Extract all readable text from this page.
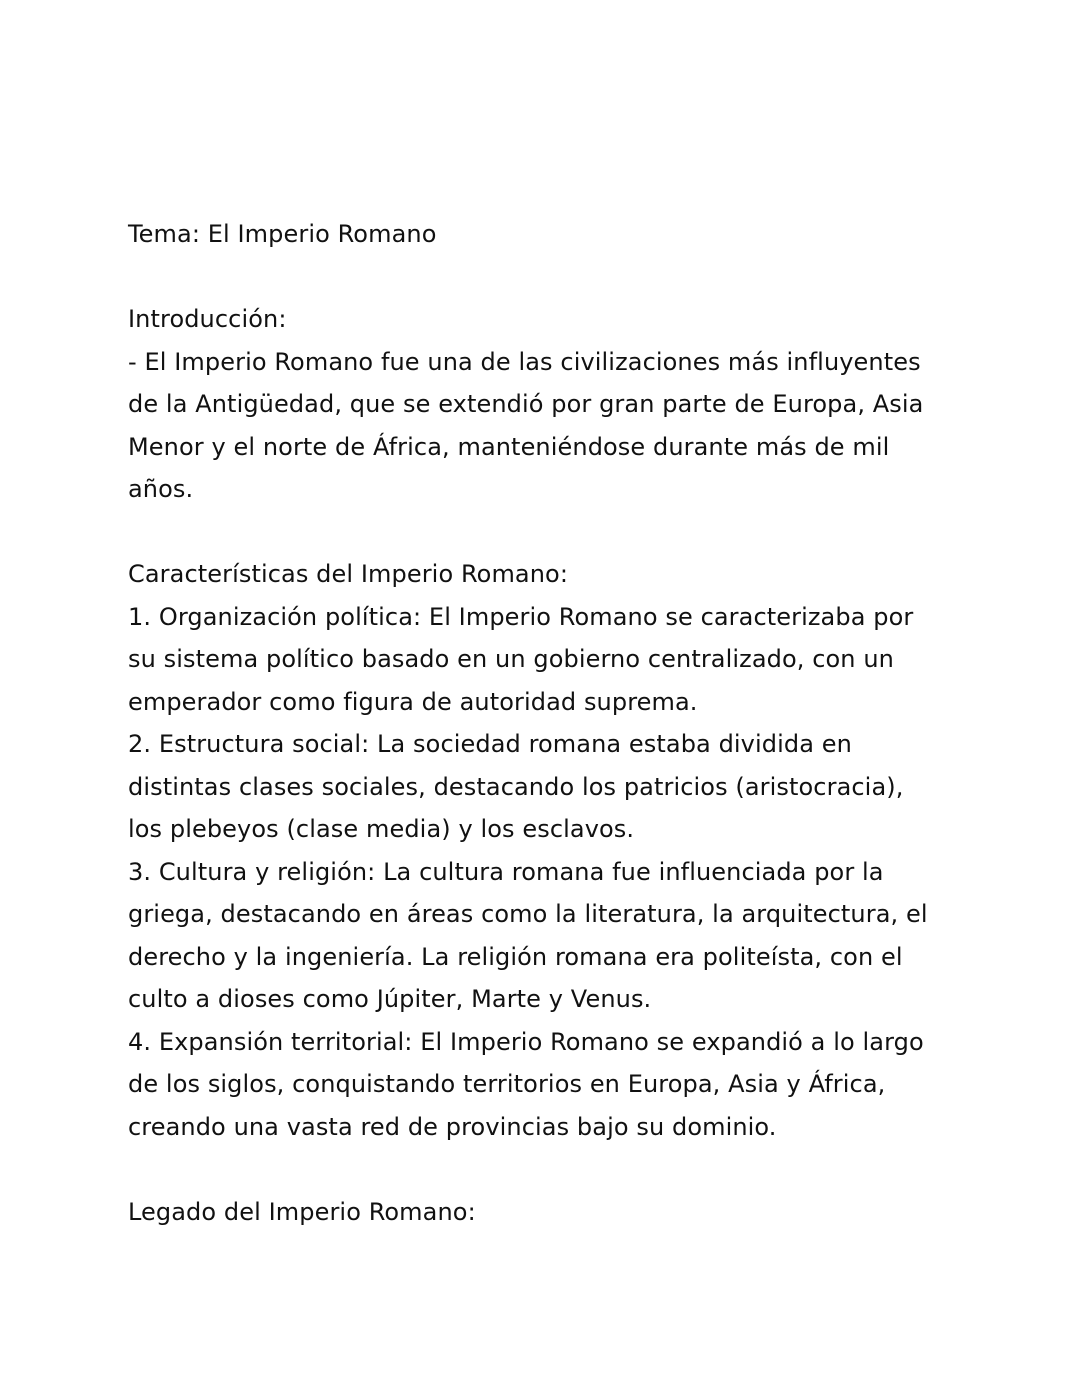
Tema: El Imperio Romano
Introducción:
- El Imperio Romano fue una de las civilizaciones más influyentes
de la Antigüedad, que se extendió por gran parte de Europa, Asia
Menor y el norte de África, manteniéndose durante más de mil
años.
Características del Imperio Romano:
1. Organización política: El Imperio Romano se caracterizaba por
su sistema político basado en un gobierno centralizado, con un
emperador como figura de autoridad suprema.
2. Estructura social: La sociedad romana estaba dividida en
distintas clases sociales, destacando los patricios (aristocracia),
los plebeyos (clase media) y los esclavos.
3. Cultura y religión: La cultura romana fue influenciada por la
griega, destacando en áreas como la literatura, la arquitectura, el
derecho y la ingeniería. La religión romana era politeísta, con el
culto a dioses como Júpiter, Marte y Venus.
4. Expansión territorial: El Imperio Romano se expandió a lo largo
de los siglos, conquistando territorios en Europa, Asia y África,
creando una vasta red de provincias bajo su dominio.
Legado del Imperio Romano:
